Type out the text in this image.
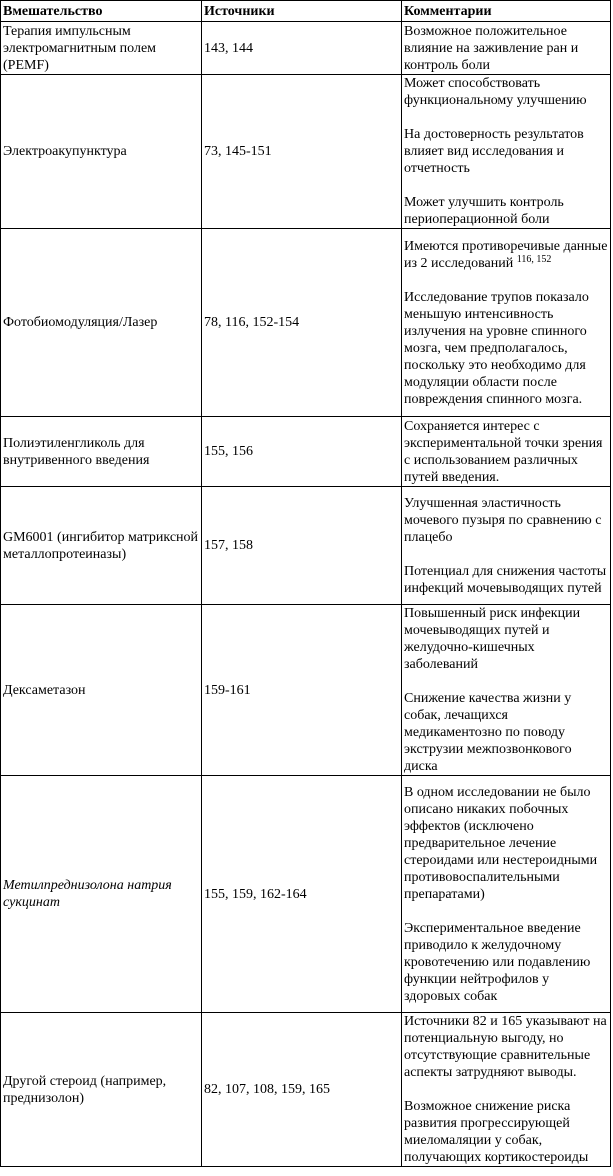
Вмешательство	Источники	Комментарии
Терапия импульсным электромагнитным полем (PEMF)	143, 144	Возможное положительное влияние на заживление ран и контроль боли

Электроакупунктура	73, 145-151	Может способствовать функциональному улучшению

На достоверность результатов влияет вид исследования и отчетность

Может улучшить контроль периоперационной боли

Фотобиомодуляция/Лазер	78, 116, 152-154	Имеются противоречивые данные из 2 исследований $^{116, 152}$

Исследование трупов показало меньшую интенсивность излучения на уровне спинного мозга, чем предполагалось, поскольку это необходимо для модуляции области после повреждения спинного мозга.

Полиэтиленгликоль для внутривенного введения	155, 156	Сохраняется интерес с экспериментальной точки зрения с использованием различных путей введения.

GM6001 (ингибитор матриксной металлопротеиназы)	157, 158	Улучшенная эластичность мочевого пузыря по сравнению с плацебо

Потенциал для снижения частоты инфекций мочевыводящих путей

Дексаметазон	159-161	Повышенный риск инфекции мочевыводящих путей и желудочно-кишечных заболеваний

Снижение качества жизни у собак, лечащихся медикаментозно по поводу экструзии межпозвонкового диска

Метилпреднизолона натрия сукцинат	155, 159, 162-164	В одном исследовании не было описано никаких побочных эффектов (исключено предварительное лечение стероидами или нестероидными противовоспалительными препаратами)

Экспериментальное введение приводило к желудочному кровотечению или подавлению функции нейтрофилов у здоровых собак

Другой стероид (например, преднизолон)	82, 107, 108, 159, 165	Источники 82 и 165 указывают на потенциальную выгоду, но отсутствующие сравнительные аспекты затрудняют выводы.

Возможное снижение риска развития прогрессирующей миеломаляции у собак, получающих кортикостероиды
